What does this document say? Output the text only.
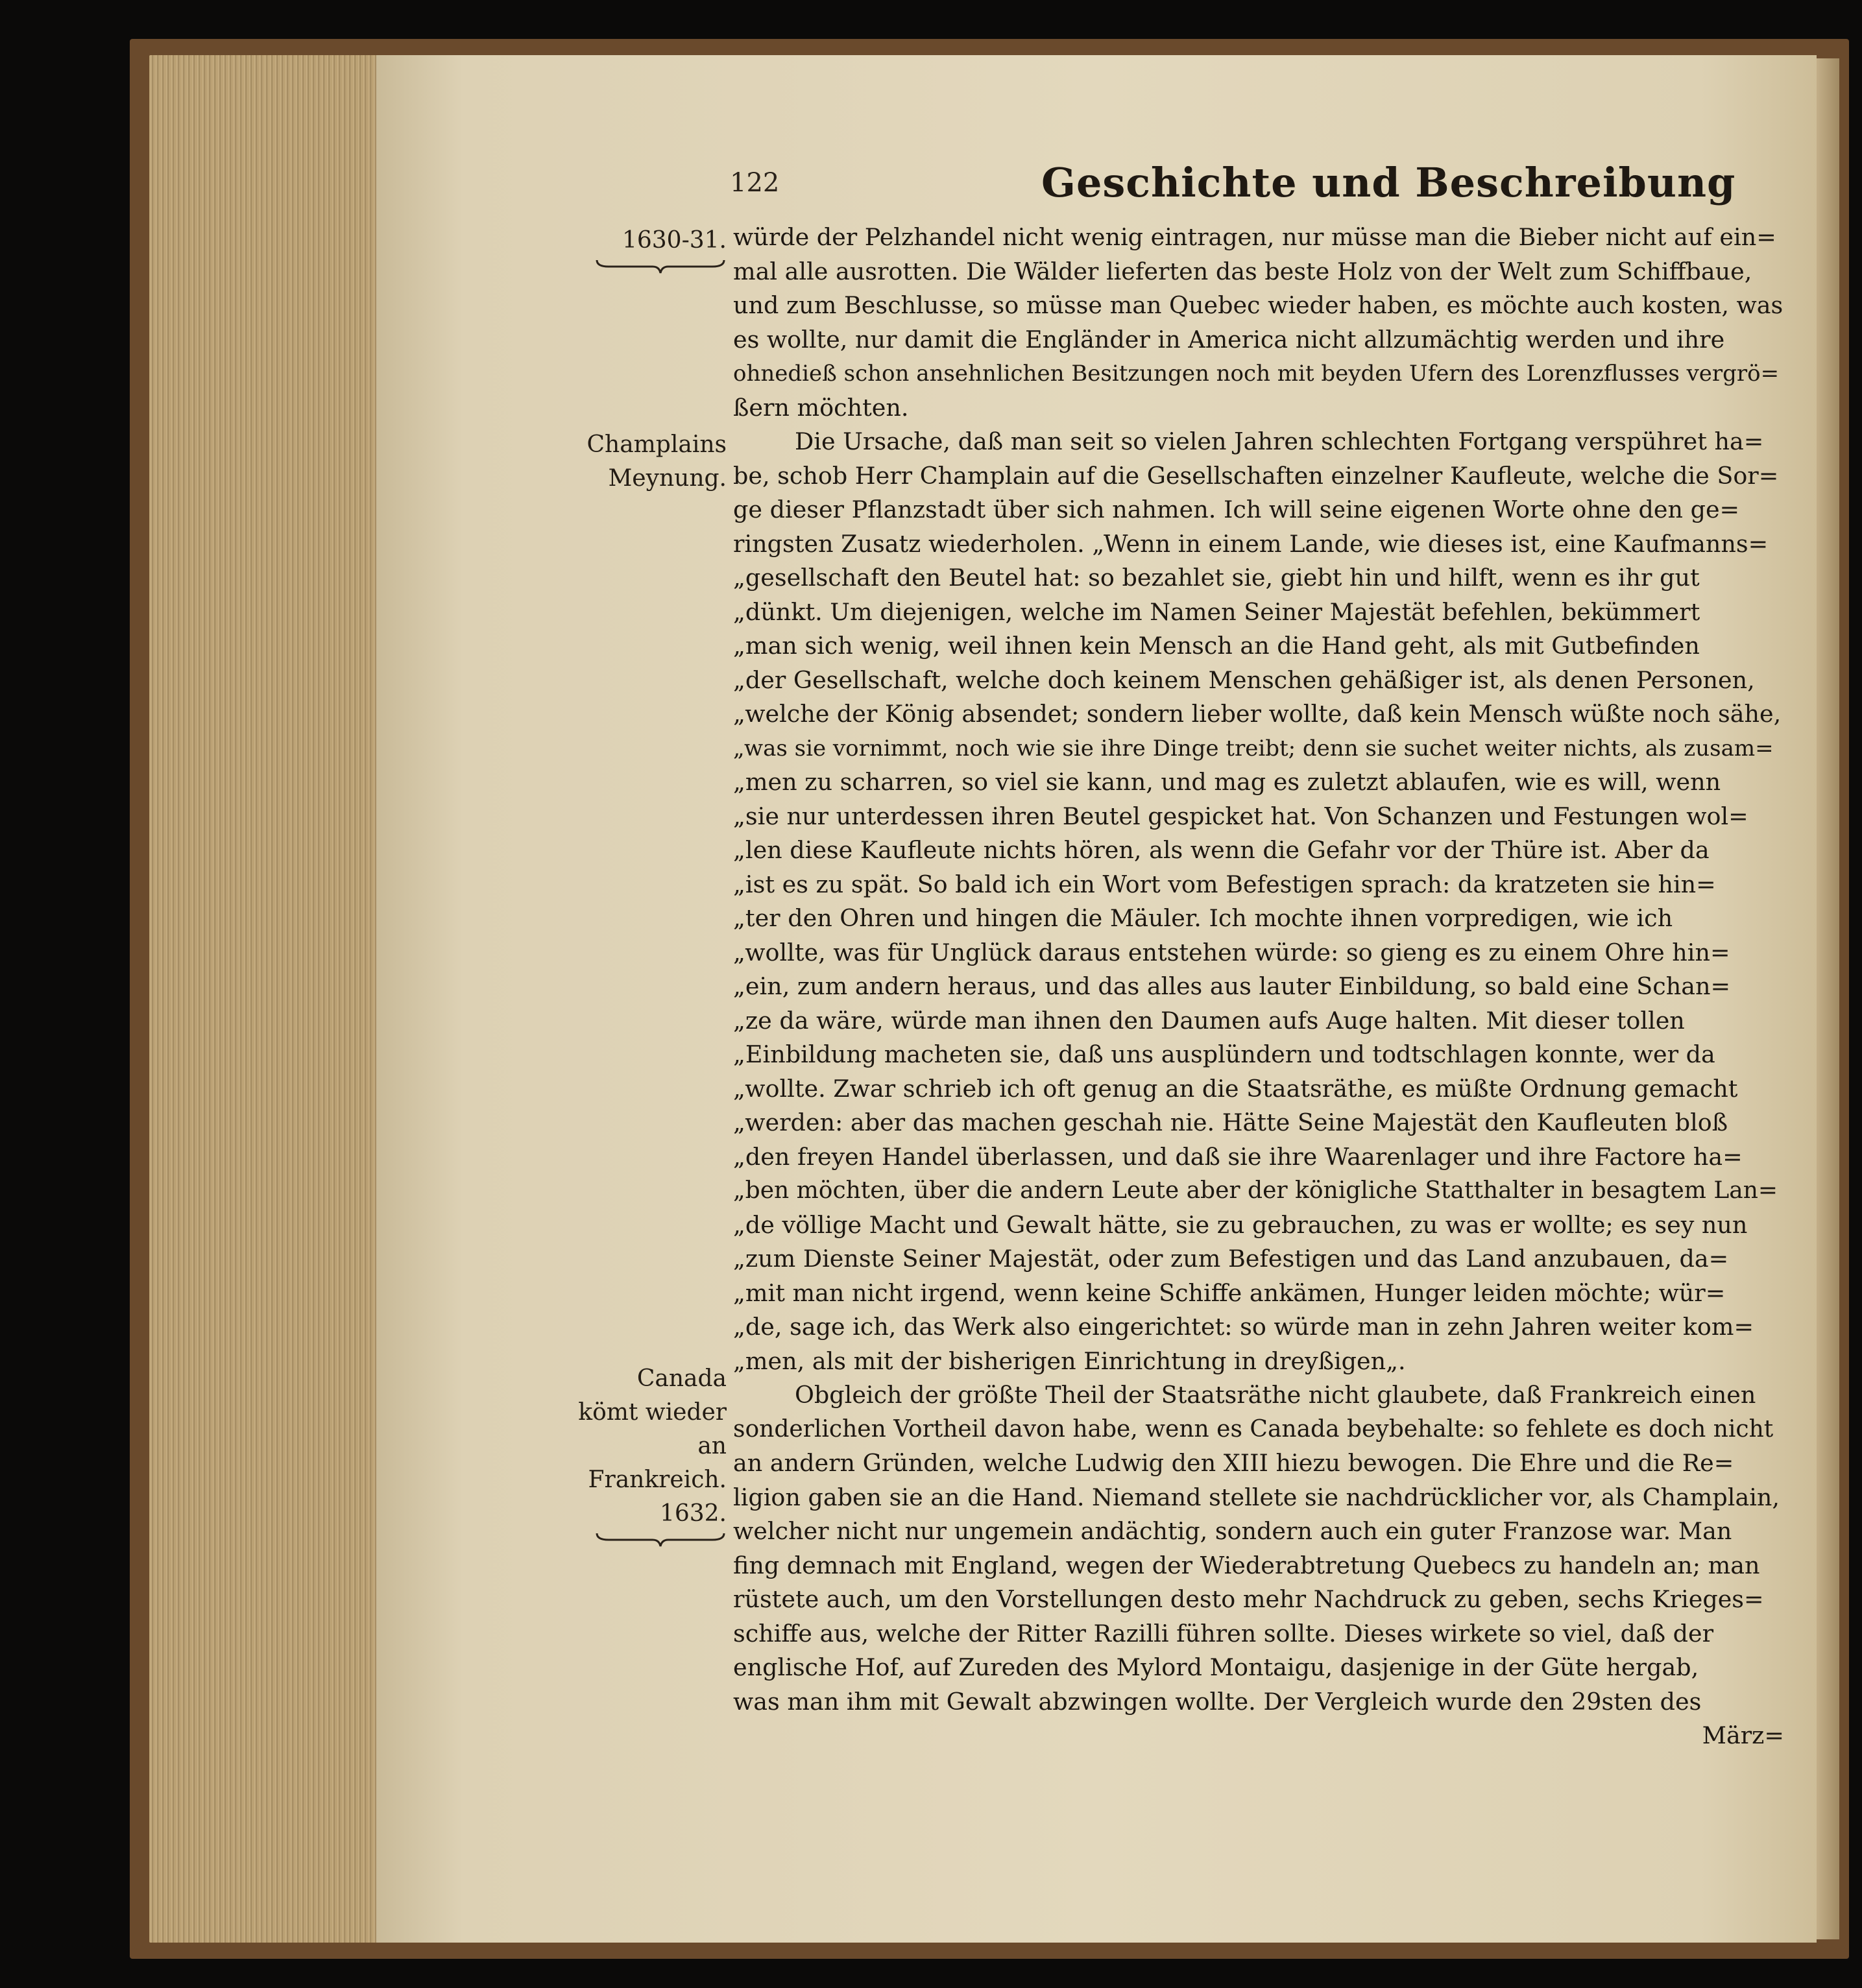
122	Geschichte und Beschreibung
1630-31.
Champlains Meynung.
Canada kömt wieder an Frankreich. 1632.
würde der Pelzhandel nicht wenig eintragen, nur müsse man die Bieber nicht auf ein=
mal alle ausrotten. Die Wälder lieferten das beste Holz von der Welt zum Schiffbaue,
und zum Beschlusse, so müsse man Quebec wieder haben, es möchte auch kosten, was
es wollte, nur damit die Engländer in America nicht allzumächtig werden und ihre
ohnedieß schon ansehnlichen Besitzungen noch mit beyden Ufern des Lorenzflusses vergrö=
ßern möchten.
Die Ursache, daß man seit so vielen Jahren schlechten Fortgang verspühret ha=
be, schob Herr Champlain auf die Gesellschaften einzelner Kaufleute, welche die Sor=
ge dieser Pflanzstadt über sich nahmen. Ich will seine eigenen Worte ohne den ge=
ringsten Zusatz wiederholen. „Wenn in einem Lande, wie dieses ist, eine Kaufmanns=
„gesellschaft den Beutel hat: so bezahlet sie, giebt hin und hilft, wenn es ihr gut
„dünkt. Um diejenigen, welche im Namen Seiner Majestät befehlen, bekümmert
„man sich wenig, weil ihnen kein Mensch an die Hand geht, als mit Gutbefinden
„der Gesellschaft, welche doch keinem Menschen gehäßiger ist, als denen Personen,
„welche der König absendet; sondern lieber wollte, daß kein Mensch wüßte noch sähe,
„was sie vornimmt, noch wie sie ihre Dinge treibt; denn sie suchet weiter nichts, als zusam=
„men zu scharren, so viel sie kann, und mag es zuletzt ablaufen, wie es will, wenn
„sie nur unterdessen ihren Beutel gespicket hat. Von Schanzen und Festungen wol=
„len diese Kaufleute nichts hören, als wenn die Gefahr vor der Thüre ist. Aber da
„ist es zu spät. So bald ich ein Wort vom Befestigen sprach: da kratzeten sie hin=
„ter den Ohren und hingen die Mäuler. Ich mochte ihnen vorpredigen, wie ich
„wollte, was für Unglück daraus entstehen würde: so gieng es zu einem Ohre hin=
„ein, zum andern heraus, und das alles aus lauter Einbildung, so bald eine Schan=
„ze da wäre, würde man ihnen den Daumen aufs Auge halten. Mit dieser tollen
„Einbildung macheten sie, daß uns ausplündern und todtschlagen konnte, wer da
„wollte. Zwar schrieb ich oft genug an die Staatsräthe, es müßte Ordnung gemacht
„werden: aber das machen geschah nie. Hätte Seine Majestät den Kaufleuten bloß
„den freyen Handel überlassen, und daß sie ihre Waarenlager und ihre Factore ha=
„ben möchten, über die andern Leute aber der königliche Statthalter in besagtem Lan=
„de völlige Macht und Gewalt hätte, sie zu gebrauchen, zu was er wollte; es sey nun
„zum Dienste Seiner Majestät, oder zum Befestigen und das Land anzubauen, da=
„mit man nicht irgend, wenn keine Schiffe ankämen, Hunger leiden möchte; wür=
„de, sage ich, das Werk also eingerichtet: so würde man in zehn Jahren weiter kom=
„men, als mit der bisherigen Einrichtung in dreyßigen„.
Obgleich der größte Theil der Staatsräthe nicht glaubete, daß Frankreich einen
sonderlichen Vortheil davon habe, wenn es Canada beybehalte: so fehlete es doch nicht
an andern Gründen, welche Ludwig den XIII hiezu bewogen. Die Ehre und die Re=
ligion gaben sie an die Hand. Niemand stellete sie nachdrücklicher vor, als Champlain,
welcher nicht nur ungemein andächtig, sondern auch ein guter Franzose war. Man
fing demnach mit England, wegen der Wiederabtretung Quebecs zu handeln an; man
rüstete auch, um den Vorstellungen desto mehr Nachdruck zu geben, sechs Krieges=
schiffe aus, welche der Ritter Razilli führen sollte. Dieses wirkete so viel, daß der
englische Hof, auf Zureden des Mylord Montaigu, dasjenige in der Güte hergab,
was man ihm mit Gewalt abzwingen wollte. Der Vergleich wurde den 29sten des
März=
